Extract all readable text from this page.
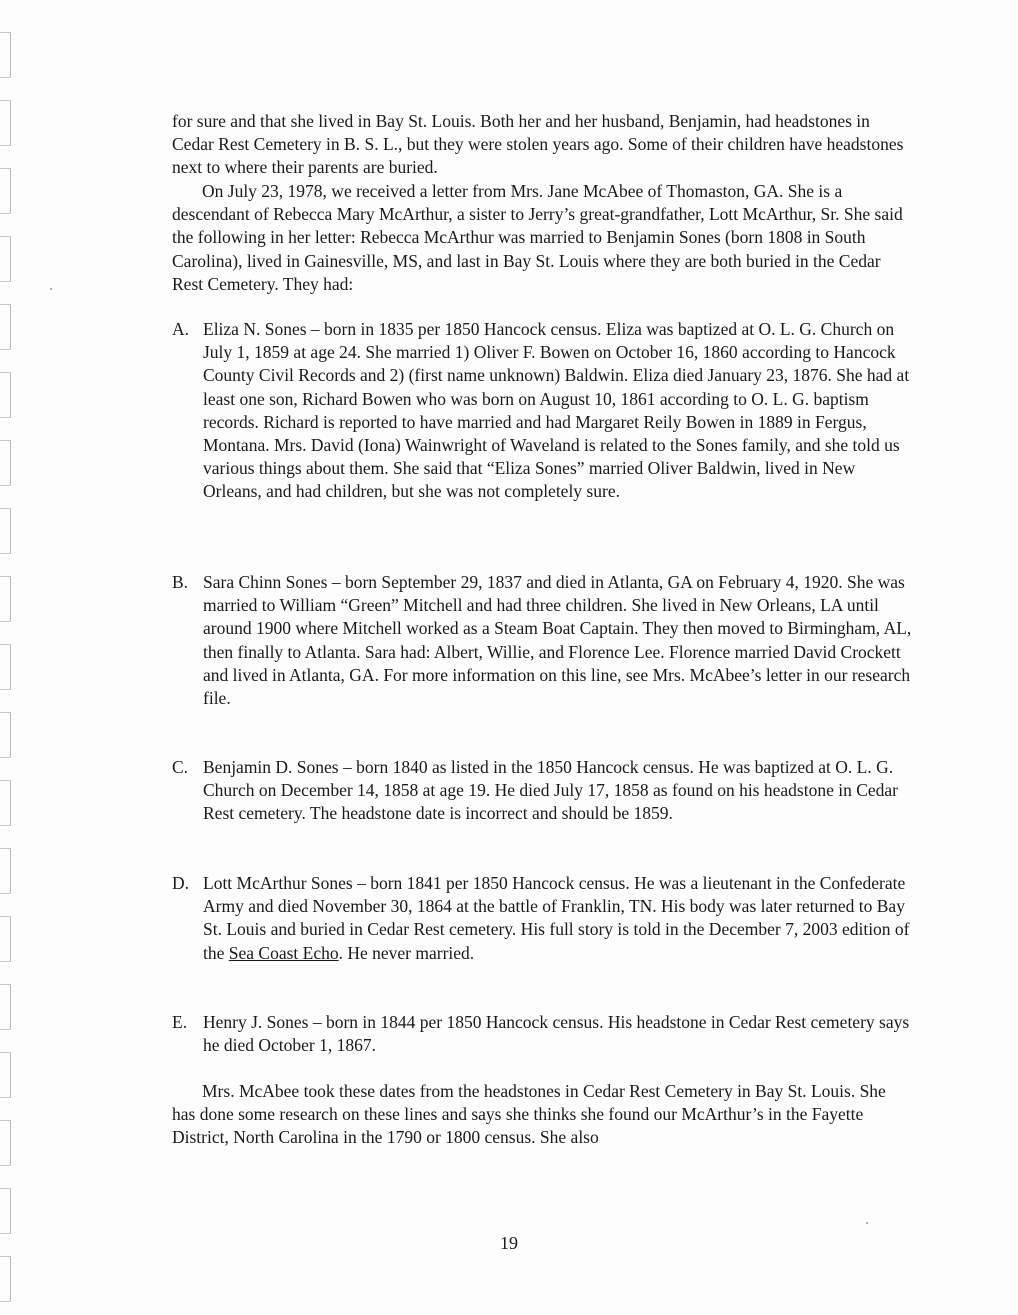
for sure and that she lived in Bay St. Louis. Both her and her husband, Benjamin, had headstones in Cedar Rest Cemetery in B. S. L., but they were stolen years ago. Some of their children have headstones next to where their parents are buried.

On July 23, 1978, we received a letter from Mrs. Jane McAbee of Thomaston, GA. She is a descendant of Rebecca Mary McArthur, a sister to Jerry’s great-grandfather, Lott McArthur, Sr. She said the following in her letter: Rebecca McArthur was married to Benjamin Sones (born 1808 in South Carolina), lived in Gainesville, MS, and last in Bay St. Louis where they are both buried in the Cedar Rest Cemetery. They had:

A. Eliza N. Sones – born in 1835 per 1850 Hancock census. Eliza was baptized at O. L. G. Church on July 1, 1859 at age 24. She married 1) Oliver F. Bowen on October 16, 1860 according to Hancock County Civil Records and 2) (first name unknown) Baldwin. Eliza died January 23, 1876. She had at least one son, Richard Bowen who was born on August 10, 1861 according to O. L. G. baptism records. Richard is reported to have married and had Margaret Reily Bowen in 1889 in Fergus, Montana. Mrs. David (Iona) Wainwright of Waveland is related to the Sones family, and she told us various things about them. She said that “Eliza Sones” married Oliver Baldwin, lived in New Orleans, and had children, but she was not completely sure.
B. Sara Chinn Sones – born September 29, 1837 and died in Atlanta, GA on February 4, 1920. She was married to William “Green” Mitchell and had three children. She lived in New Orleans, LA until around 1900 where Mitchell worked as a Steam Boat Captain. They then moved to Birmingham, AL, then finally to Atlanta. Sara had: Albert, Willie, and Florence Lee. Florence married David Crockett and lived in Atlanta, GA. For more information on this line, see Mrs. McAbee’s letter in our research file.
C. Benjamin D. Sones – born 1840 as listed in the 1850 Hancock census. He was baptized at O. L. G. Church on December 14, 1858 at age 19. He died July 17, 1858 as found on his headstone in Cedar Rest cemetery. The headstone date is incorrect and should be 1859.
D. Lott McArthur Sones – born 1841 per 1850 Hancock census. He was a lieutenant in the Confederate Army and died November 30, 1864 at the battle of Franklin, TN. His body was later returned to Bay St. Louis and buried in Cedar Rest cemetery. His full story is told in the December 7, 2003 edition of the Sea Coast Echo. He never married.
E. Henry J. Sones – born in 1844 per 1850 Hancock census. His headstone in Cedar Rest cemetery says he died October 1, 1867.

Mrs. McAbee took these dates from the headstones in Cedar Rest Cemetery in Bay St. Louis. She has done some research on these lines and says she thinks she found our McArthur’s in the Fayette District, North Carolina in the 1790 or 1800 census. She also

19
